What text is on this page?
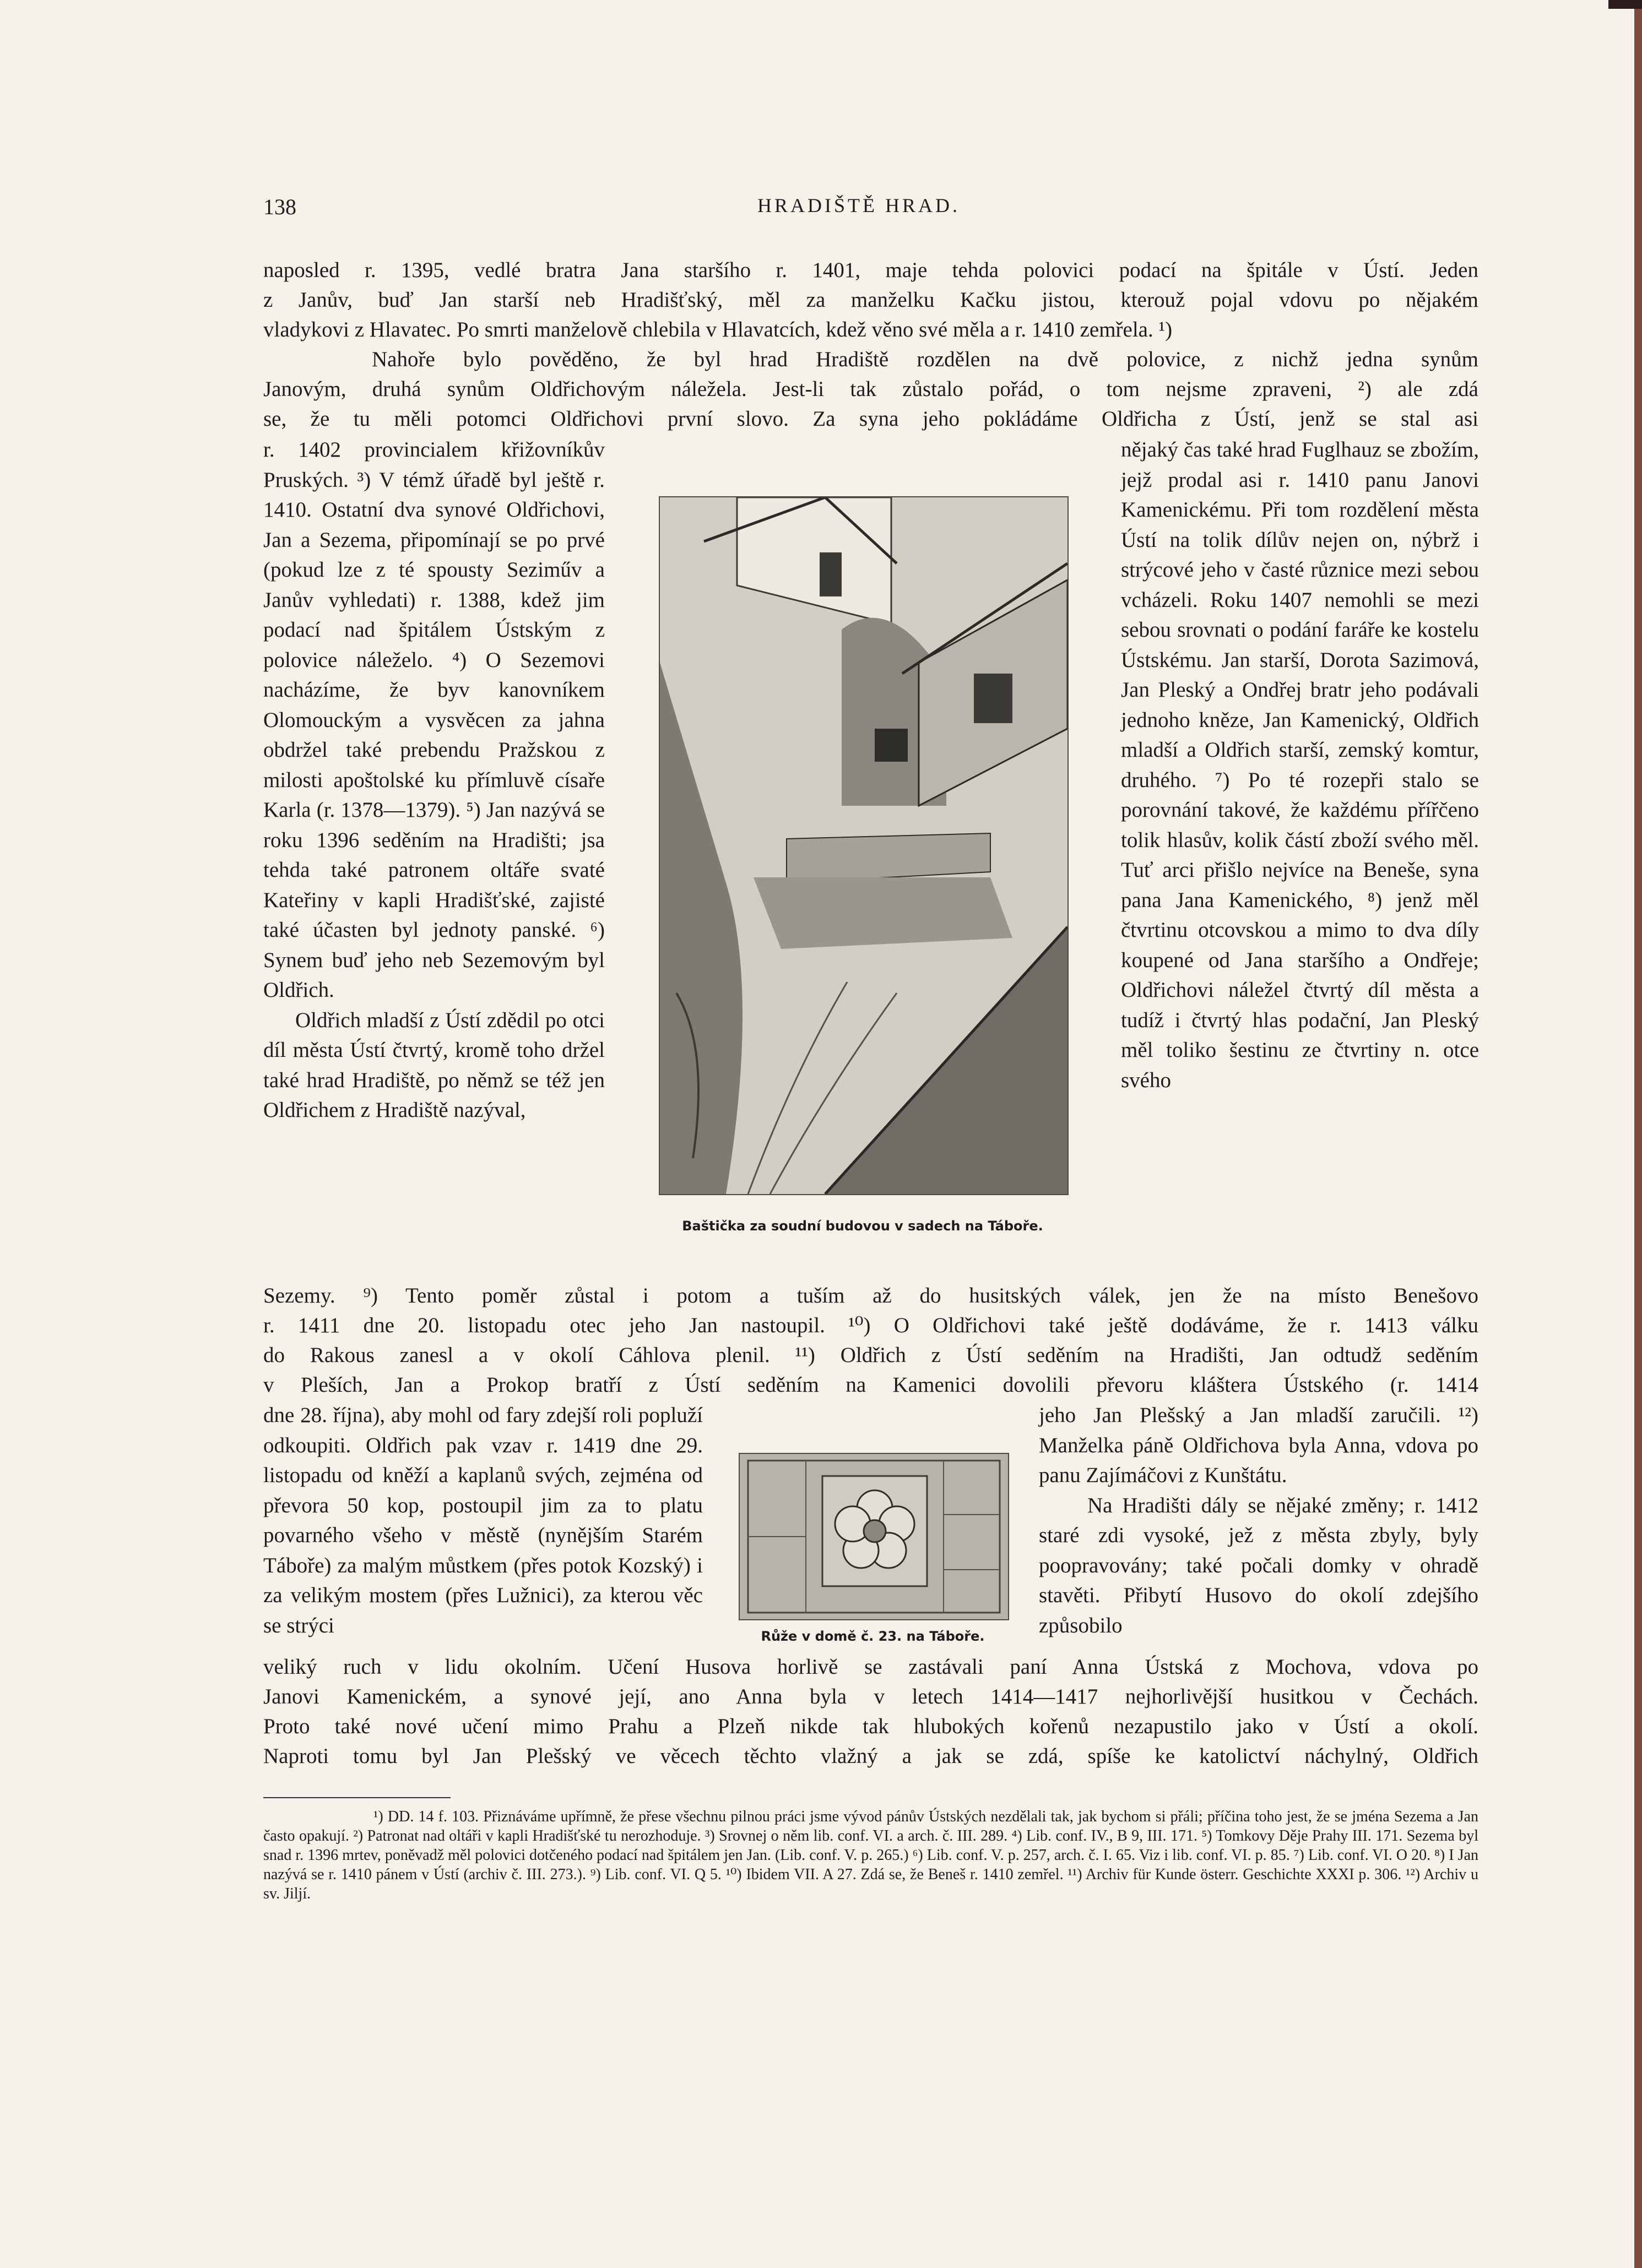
138	HRADIŠTĚ HRAD.
naposled r. 1395, vedlé bratra Jana staršího r. 1401, maje tehda polovici podací na špitále v Ústí. Jeden
z Janův, buď Jan starší neb Hradišťský, měl za manželku Kačku jistou, kterouž pojal vdovu po nějakém
vladykovi z Hlavatec. Po smrti manželově chlebila v Hlavatcích, kdež věno své měla a r. 1410 zemřela. ¹)
Nahoře bylo pověděno, že byl hrad Hradiště rozdělen na dvě polovice, z nichž jedna synům
Janovým, druhá synům Oldřichovým náležela. Jest-li tak zůstalo pořád, o tom nejsme zpraveni, ²) ale zdá
se, že tu měli potomci Oldřichovi první slovo. Za syna jeho pokládáme Oldřicha z Ústí, jenž se stal asi

r. 1402 provincialem křižovníkův Pruských. ³) V témž úřadě byl ještě r. 1410. Ostatní dva synové Oldřichovi, Jan a Sezema, připomínají se po prvé (pokud lze z té spousty Seziműv a Janův vyhledati) r. 1388, kdež jim podací nad špitálem Ústským z polovice náleželo. ⁴) O Sezemovi nacházíme, že byv kanovníkem Olomouckým a vysvěcen za jahna obdržel také prebendu Pražskou z milosti apoštolské ku přímluvě císaře Karla (r. 1378—1379). ⁵) Jan nazývá se roku 1396 seděním na Hradišti; jsa tehda také patronem oltáře svaté Kateřiny v kapli Hradišťské, zajisté také účasten byl jednoty panské. ⁶) Synem buď jeho neb Sezemovým byl Oldřich.

Oldřich mladší z Ústí zdědil po otci díl města Ústí čtvrtý, kromě toho držel také hrad Hradiště, po němž se též jen Oldřichem z Hradiště nazýval,

Baštička za soudní budovou v sadech na Táboře.

nějaký čas také hrad Fuglhauz se zbožím, jejž prodal asi r. 1410 panu Janovi Kamenickému. Při tom rozdělení města Ústí na tolik dílův nejen on, nýbrž i strýcové jeho v časté různice mezi sebou vcházeli. Roku 1407 nemohli se mezi sebou srovnati o podání faráře ke kostelu Ústskému. Jan starší, Dorota Sazimová, Jan Pleský a Ondřej bratr jeho podávali jednoho kněze, Jan Kamenický, Oldřich mladší a Oldřich starší, zemský komtur, druhého. ⁷) Po té rozepři stalo se porovnání takové, že každému přířčeno tolik hlasův, kolik částí zboží svého měl. Tuť arci přišlo nejvíce na Beneše, syna pana Jana Kamenického, ⁸) jenž měl čtvrtinu otcovskou a mimo to dva díly koupené od Jana staršího a Ondřeje; Oldřichovi náležel čtvrtý díl města a tudíž i čtvrtý hlas podační, Jan Pleský měl toliko šestinu ze čtvrtiny n. otce svého

Sezemy. ⁹) Tento poměr zůstal i potom a tuším až do husitských válek, jen že na místo Benešovo
r. 1411 dne 20. listopadu otec jeho Jan nastoupil. ¹⁰) O Oldřichovi také ještě dodáváme, že r. 1413 válku
do Rakous zanesl a v okolí Cáhlova plenil. ¹¹) Oldřich z Ústí seděním na Hradišti, Jan odtudž seděním
v Pleších, Jan a Prokop bratří z Ústí seděním na Kamenici dovolili převoru kláštera Ústského (r. 1414

dne 28. října), aby mohl od fary zdejší roli popluží odkoupiti. Oldřich pak vzav r. 1419 dne 29. listopadu od kněží a kaplanů svých, zejména od převora 50 kop, postoupil jim za to platu povarného všeho v městě (nynějším Starém Táboře) za malým můstkem (přes potok Kozský) i za velikým mostem (přes Lužnici), za kterou věc se strýci	Růže v domě č. 23. na Táboře.

jeho Jan Plešský a Jan mladší zaručili. ¹²) Manželka páně Oldřichova byla Anna, vdova po panu Zajímáčovi z Kunštátu.

Na Hradišti dály se nějaké změny; r. 1412 staré zdi vysoké, jež z města zbyly, byly poopravovány; také počali domky v ohradě stavěti. Přibytí Husovo do okolí zdejšího způsobilo

veliký ruch v lidu okolním. Učení Husova horlivě se zastávali paní Anna Ústská z Mochova, vdova po
Janovi Kamenickém, a synové její, ano Anna byla v letech 1414—1417 nejhorlivější husitkou v Čechách.
Proto také nové učení mimo Prahu a Plzeň nikde tak hlubokých kořenů nezapustilo jako v Ústí a okolí.
Naproti tomu byl Jan Plešský ve věcech těchto vlažný a jak se zdá, spíše ke katolictví náchylný, Oldřich

¹) DD. 14 f. 103. Přiznáváme upřímně, že přese všechnu pilnou práci jsme vývod pánův Ústských nezdělali tak, jak bychom si přáli; příčina toho jest, že se jména Sezema a Jan často opakují. ²) Patronat nad oltáři v kapli Hradišťské tu nerozhoduje. ³) Srovnej o něm lib. conf. VI. a arch. č. III. 289. ⁴) Lib. conf. IV., B 9, III. 171. ⁵) Tomkovy Děje Prahy III. 171. Sezema byl snad r. 1396 mrtev, poněvadž měl polovici dotčeného podací nad špitálem jen Jan. (Lib. conf. V. p. 265.) ⁶) Lib. conf. V. p. 257, arch. č. I. 65. Viz i lib. conf. VI. p. 85. ⁷) Lib. conf. VI. O 20. ⁸) I Jan nazývá se r. 1410 pánem v Ústí (archiv č. III. 273.). ⁹) Lib. conf. VI. Q 5. ¹⁰) Ibidem VII. A 27. Zdá se, že Beneš r. 1410 zemřel. ¹¹) Archiv für Kunde österr. Geschichte XXXI p. 306. ¹²) Archiv u sv. Jiljí.
